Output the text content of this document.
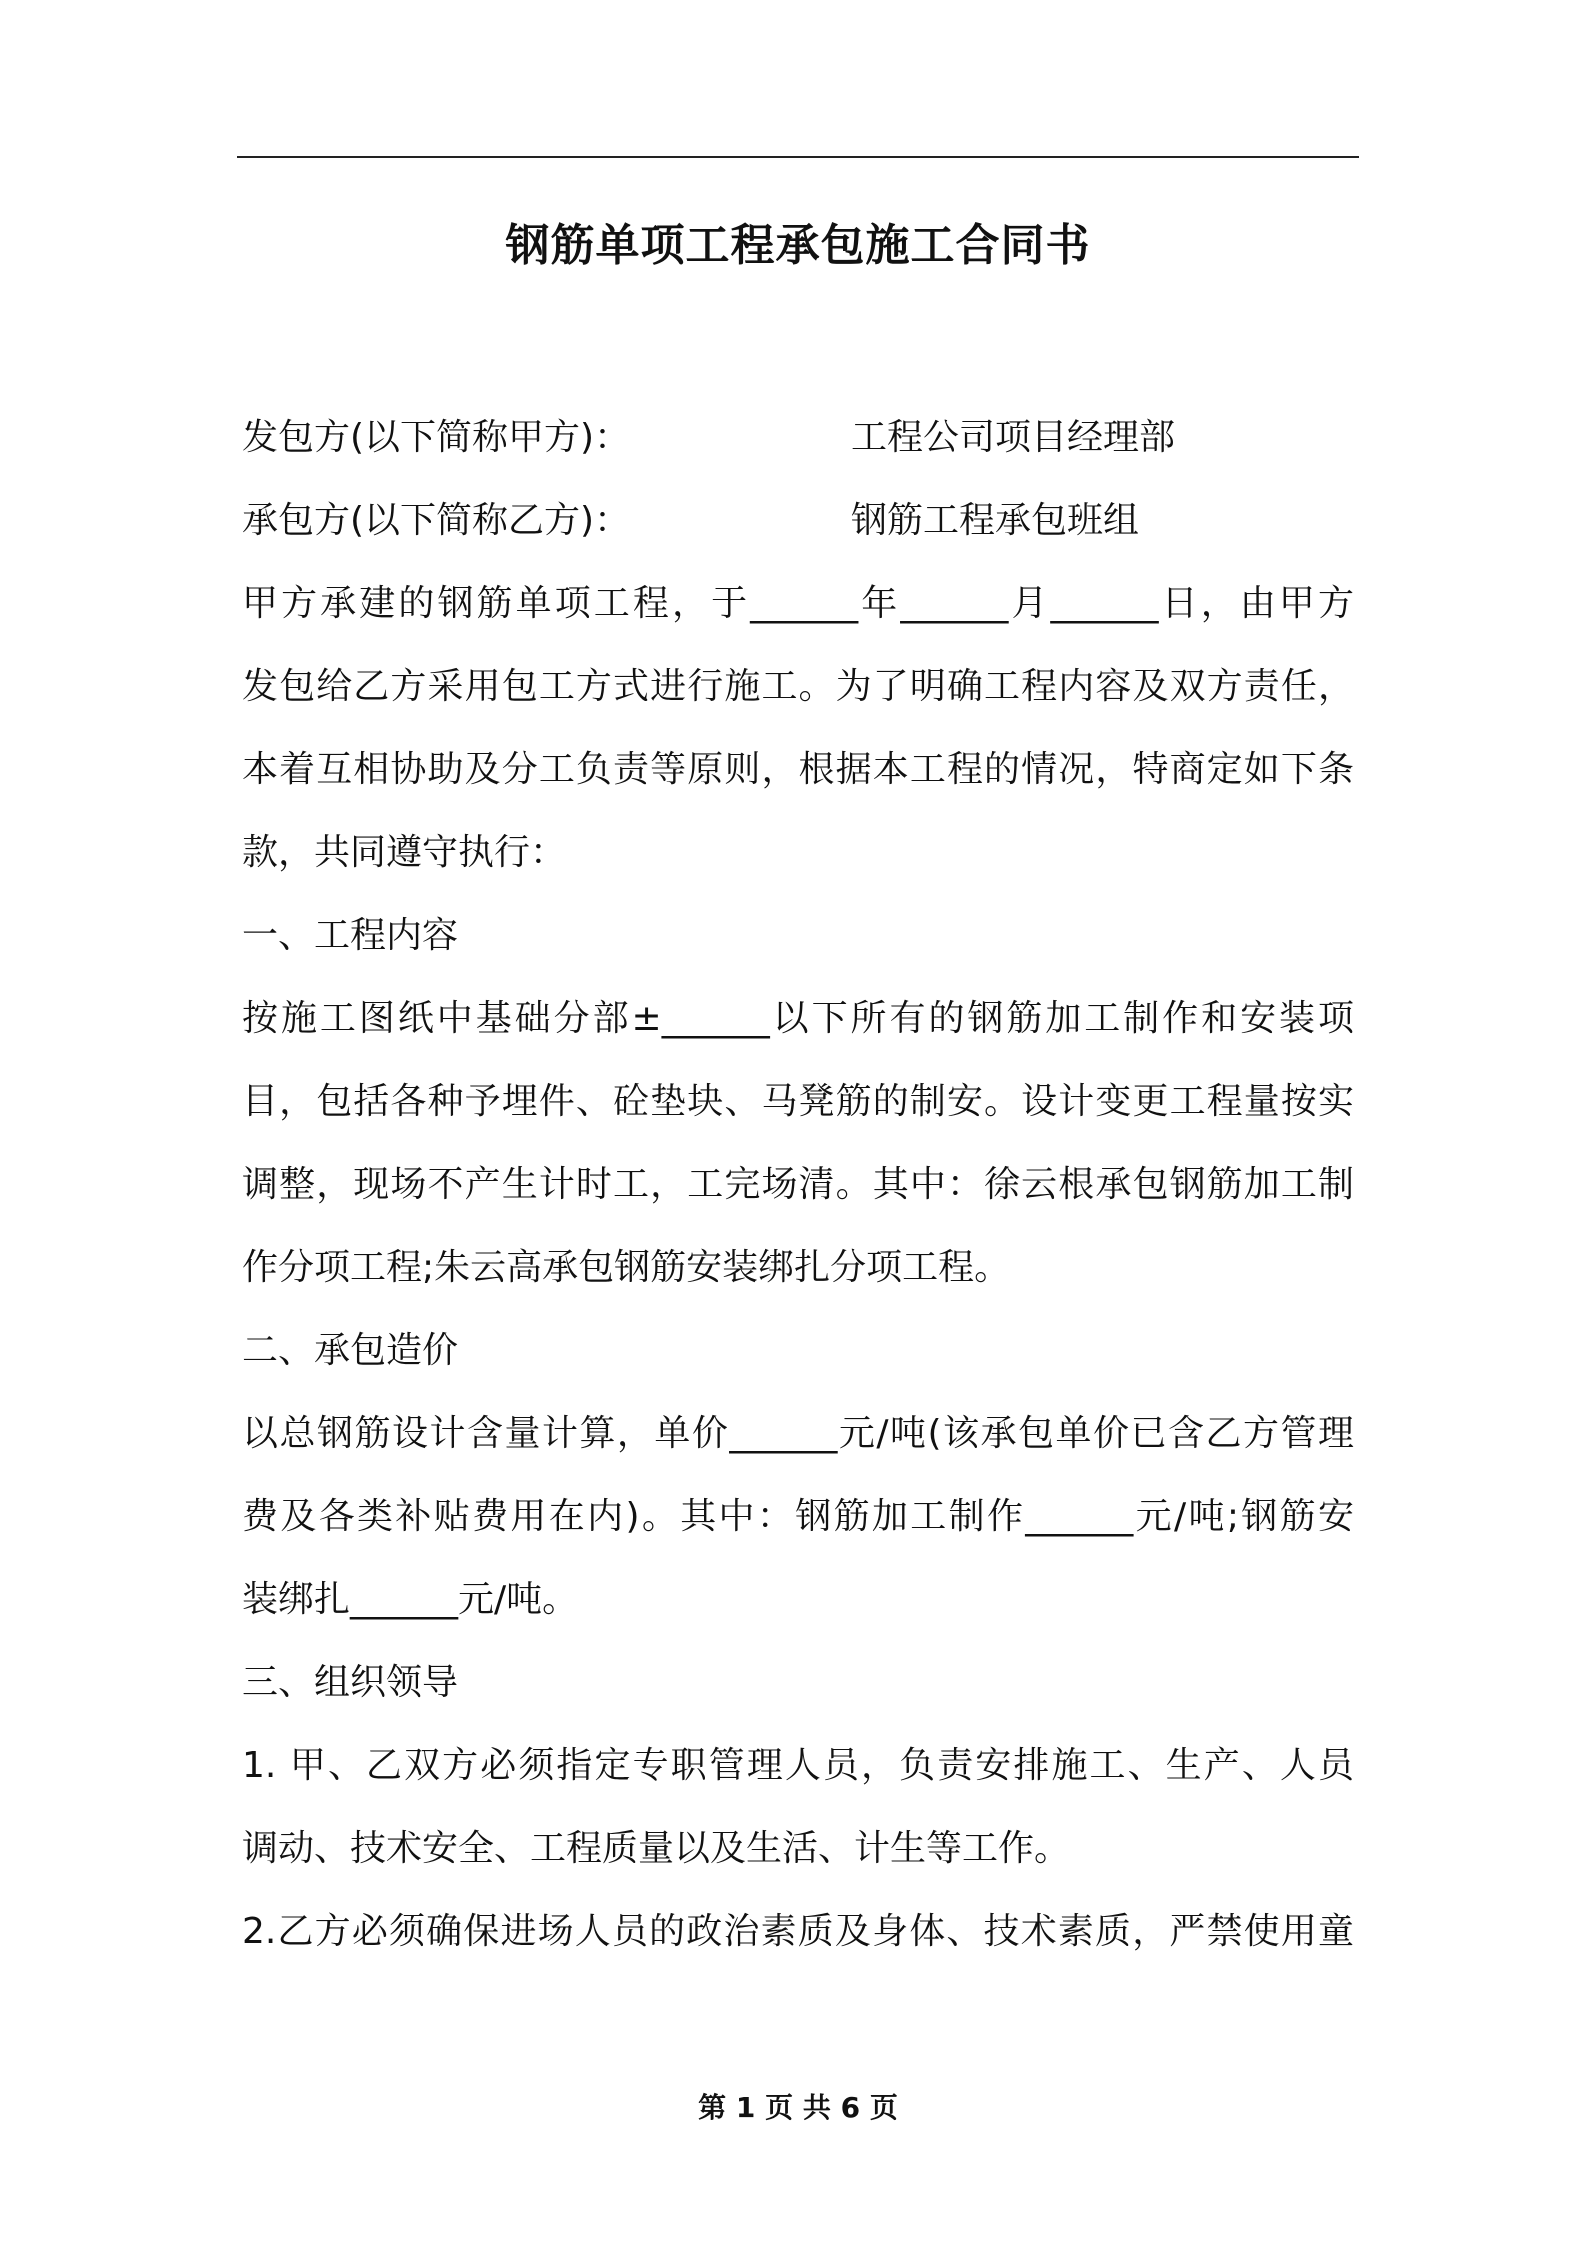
钢筋单项工程承包施工合同书
发包方(以下简称甲方)：	工程公司项目经理部
承包方(以下简称乙方)：	钢筋工程承包班组
甲方承建的钢筋单项工程，于______年______月______日，由甲方
发包给乙方采用包工方式进行施工。为了明确工程内容及双方责任，
本着互相协助及分工负责等原则，根据本工程的情况，特商定如下条
款，共同遵守执行：
一、工程内容
按施工图纸中基础分部±______以下所有的钢筋加工制作和安装项
目，包括各种予埋件、砼垫块、马凳筋的制安。设计变更工程量按实
调整，现场不产生计时工，工完场清。其中：徐云根承包钢筋加工制
作分项工程;朱云高承包钢筋安装绑扎分项工程。
二、承包造价
以总钢筋设计含量计算，单价______元/吨(该承包单价已含乙方管理
费及各类补贴费用在内)。其中：钢筋加工制作______元/吨;钢筋安
装绑扎______元/吨。
三、组织领导
1. 甲、乙双方必须指定专职管理人员，负责安排施工、生产、人员
调动、技术安全、工程质量以及生活、计生等工作。
2.乙方必须确保进场人员的政治素质及身体、技术素质，严禁使用童
第 1 页 共 6 页
